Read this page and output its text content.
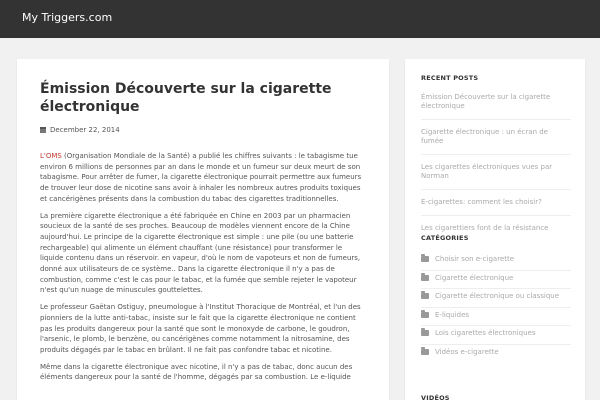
My Triggers.com
Émission Découverte sur la cigarette électronique
December 22, 2014

L'OMS (Organisation Mondiale de la Santé) a publié les chiffres suivants : le tabagisme tue environ 6 millions de personnes par an dans le monde et un fumeur sur deux meurt de son tabagisme. Pour arrêter de fumer, la cigarette électronique pourrait permettre aux fumeurs de trouver leur dose de nicotine sans avoir à inhaler les nombreux autres produits toxiques et cancérigènes présents dans la combustion du tabac des cigarettes traditionnelles.

La première cigarette électronique a été fabriquée en Chine en 2003 par un pharmacien soucieux de la santé de ses proches. Beaucoup de modèles viennent encore de la Chine aujourd'hui. Le principe de la cigarette électronique est simple : une pile (ou une batterie rechargeable) qui alimente un élément chauffant (une résistance) pour transformer le liquide contenu dans un réservoir. en vapeur, d'où le nom de vapoteurs et non de fumeurs, donné aux utilisateurs de ce système.. Dans la cigarette électronique il n'y a pas de combustion, comme c'est le cas pour le tabac, et la fumée que semble rejeter le vapoteur n'est qu'un nuage de minuscules gouttelettes.

Le professeur Gaëtan Ostiguy, pneumologue à l'Institut Thoracique de Montréal, et l'un des pionniers de la lutte anti-tabac, insiste sur le fait que la cigarette électronique ne contient pas les produits dangereux pour la santé que sont le monoxyde de carbone, le goudron, l'arsenic, le plomb, le benzène, ou cancérigènes comme notamment la nitrosamine, des produits dégagés par le tabac en brûlant. Il ne fait pas confondre tabac et nicotine.

Même dans la cigarette électronique avec nicotine, il n'y a pas de tabac, donc aucun des éléments dangereux pour la santé de l'homme, dégagés par sa combustion. Le e-liquide

RECENT POSTS
Émission Découverte sur la cigarette électronique
Cigarette électronique : un écran de fumée
Les cigarettes électroniques vues par Norman
E-cigarettes: comment les choisir?
Les cigarettiers font de la résistance
CATÉGORIES
Choisir son e-cigarette
Cigarette électronique
Cigarette électronique ou classique
E-liquides
Lois cigarettes électroniques
Vidéos e-cigarette
VIDÉOS
